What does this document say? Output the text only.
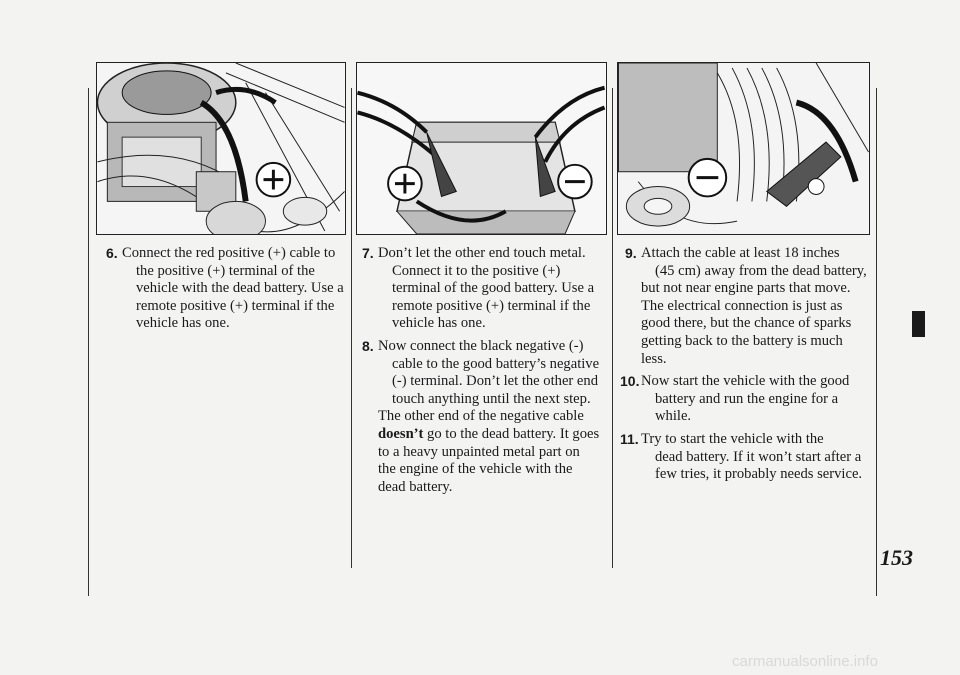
6. Connect the red positive (+) cable to
the positive (+) terminal of the
vehicle with the dead battery. Use a
remote positive (+) terminal if the
vehicle has one.
7. Don’t let the other end touch metal.
Connect it to the positive (+)
terminal of the good battery. Use a
remote positive (+) terminal if the
vehicle has one.
8. Now connect the black negative (-)
cable to the good battery’s negative
(-) terminal. Don’t let the other end
touch anything until the next step.
The other end of the negative cable
doesn’t go to the dead battery. It goes
to a heavy unpainted metal part on
the engine of the vehicle with the
dead battery.
9. Attach the cable at least 18 inches
(45 cm) away from the dead battery,
but not near engine parts that move.
The electrical connection is just as
good there, but the chance of sparks
getting back to the battery is much
less.
10. Now start the vehicle with the good
battery and run the engine for a
while.
11. Try to start the vehicle with the
dead battery. If it won’t start after a
few tries, it probably needs service.
153
carmanualsonline.info
